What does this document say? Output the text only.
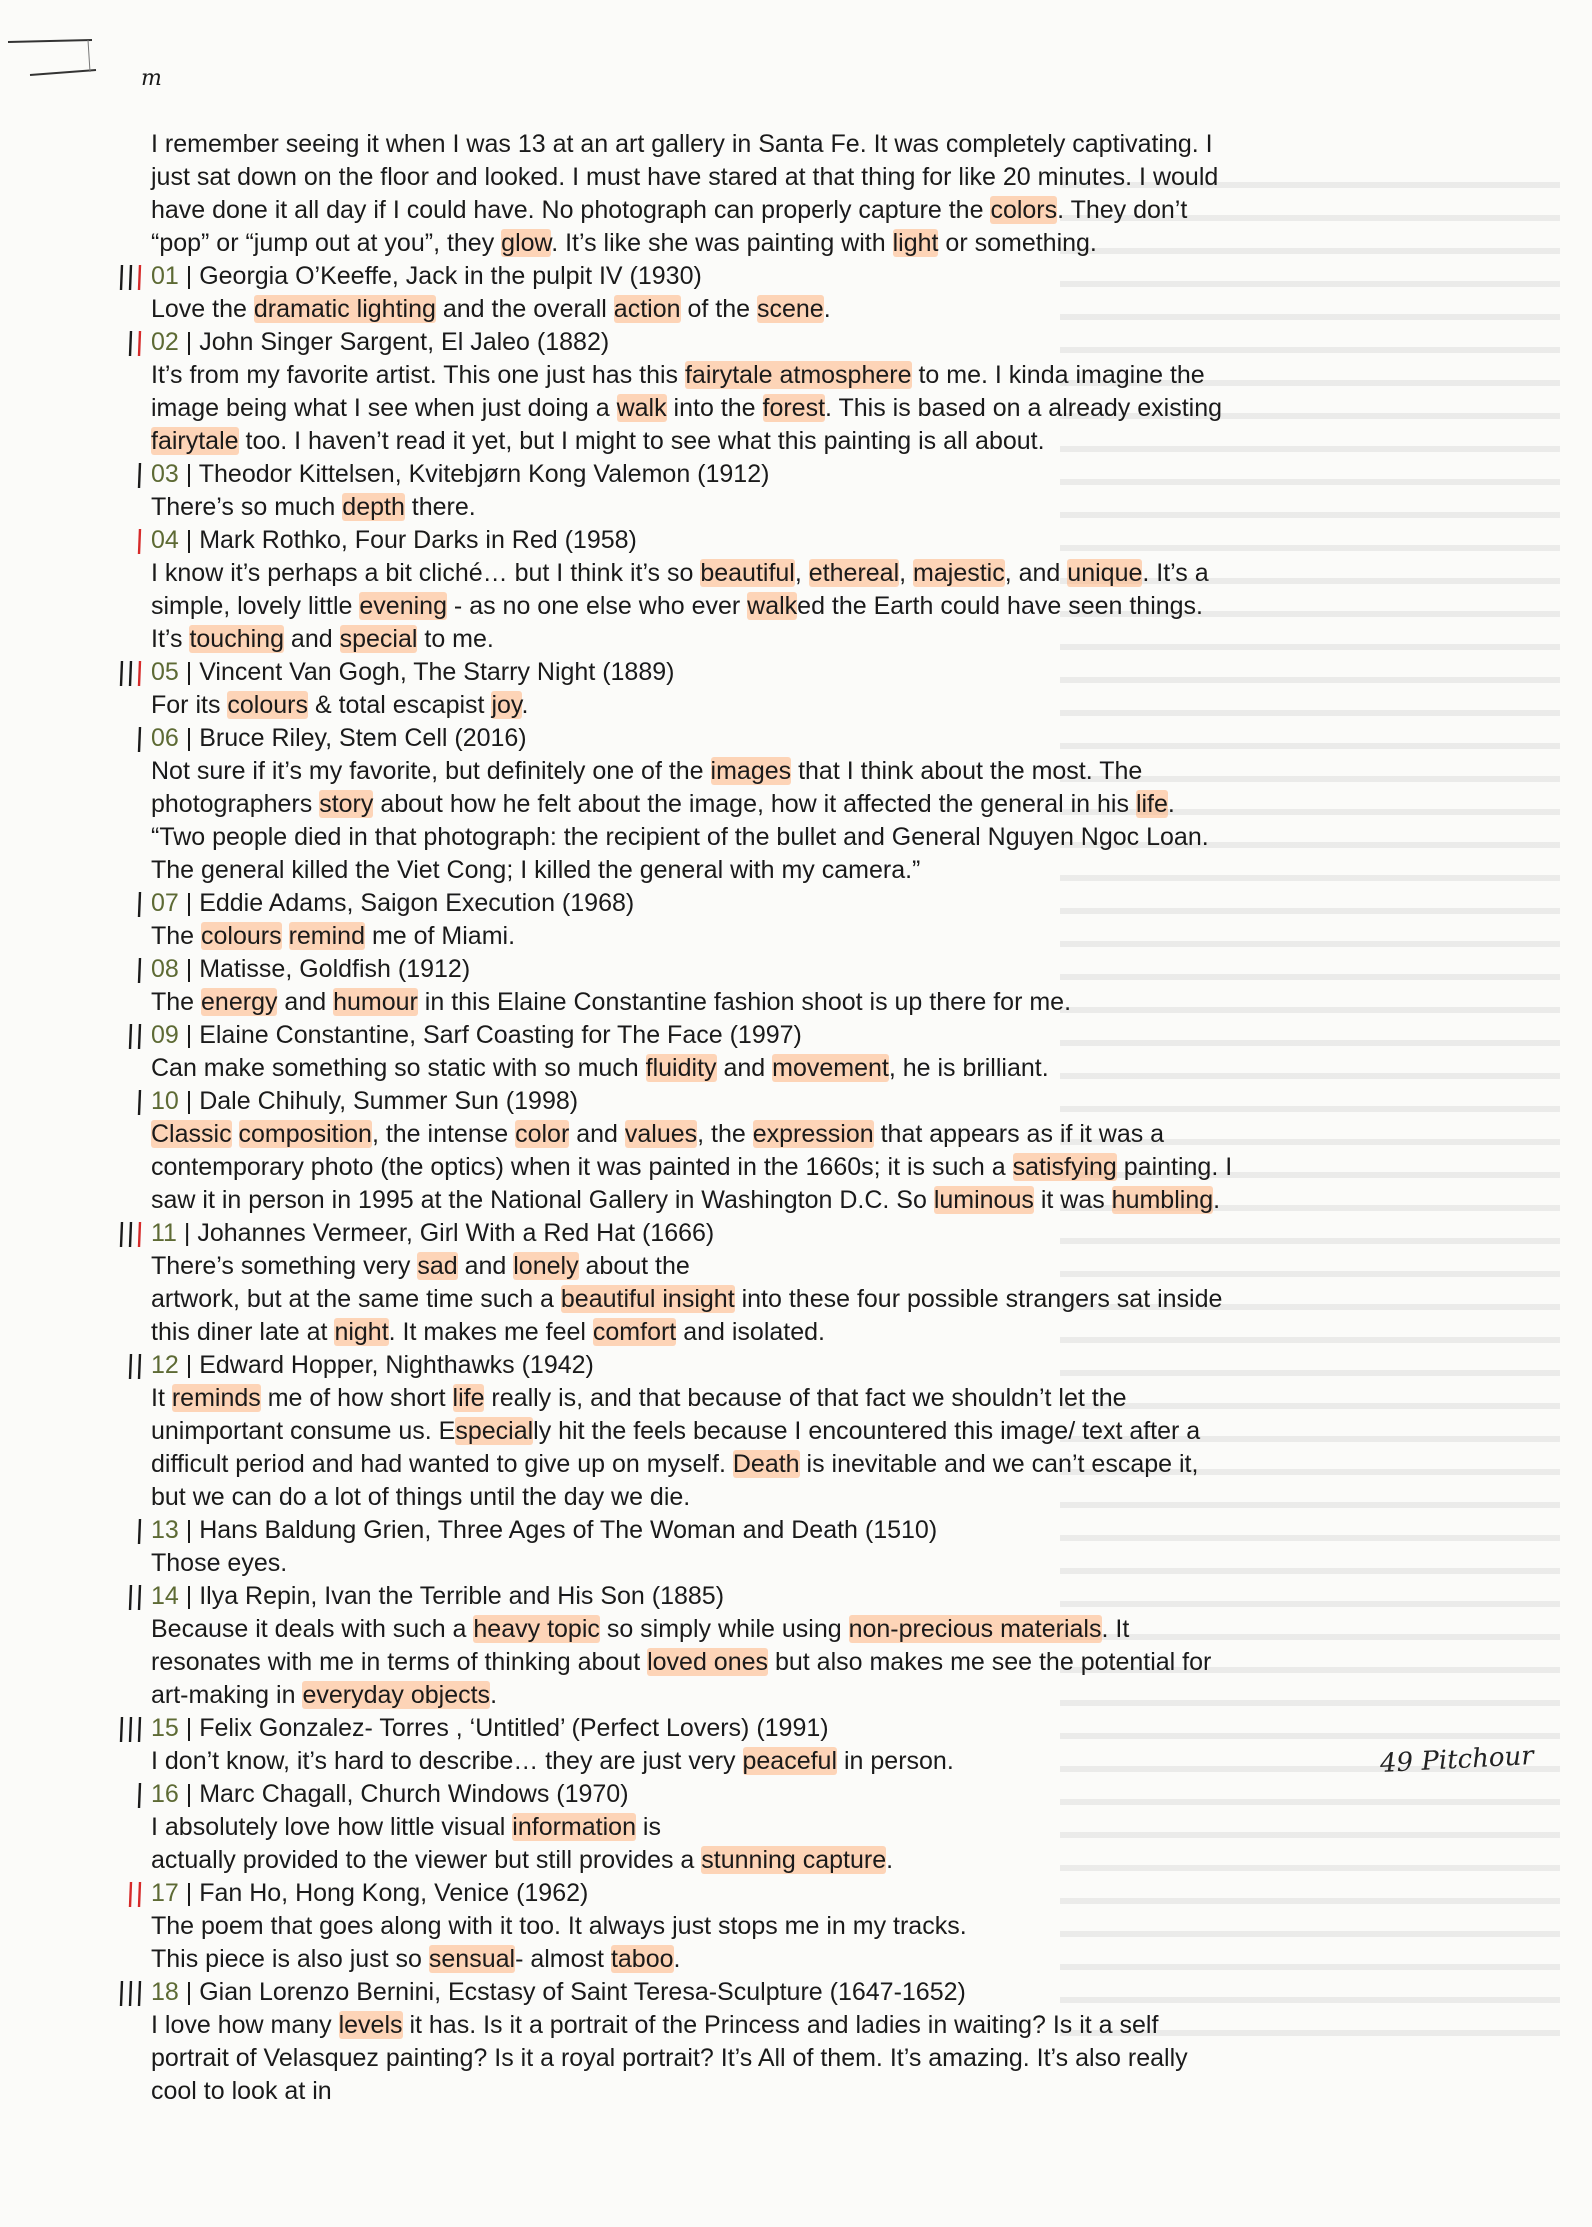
m
I remember seeing it when I was 13 at an art gallery in Santa Fe. It was completely captivating. I
just sat down on the floor and looked. I must have stared at that thing for like 20 minutes. I would
have done it all day if I could have. No photograph can properly capture the colors. They don’t
“pop” or “jump out at you”, they glow. It’s like she was painting with light or something.
01 | Georgia O’Keeffe, Jack in the pulpit IV (1930)
Love the dramatic lighting and the overall action of the scene.
02 | John Singer Sargent, El Jaleo (1882)
It’s from my favorite artist. This one just has this fairytale atmosphere to me. I kinda imagine the
image being what I see when just doing a walk into the forest. This is based on a already existing
fairytale too. I haven’t read it yet, but I might to see what this painting is all about.
03 | Theodor Kittelsen, Kvitebjørn Kong Valemon (1912)
There’s so much depth there.
04 | Mark Rothko, Four Darks in Red (1958)
I know it’s perhaps a bit cliché… but I think it’s so beautiful, ethereal, majestic, and unique. It’s a
simple, lovely little evening - as no one else who ever walked the Earth could have seen things.
It’s touching and special to me.
05 | Vincent Van Gogh, The Starry Night (1889)
For its colours & total escapist joy.
06 | Bruce Riley, Stem Cell (2016)
Not sure if it’s my favorite, but definitely one of the images that I think about the most. The
photographers story about how he felt about the image, how it affected the general in his life.
“Two people died in that photograph: the recipient of the bullet and General Nguyen Ngoc Loan.
The general killed the Viet Cong; I killed the general with my camera.”
07 | Eddie Adams, Saigon Execution (1968)
The colours remind me of Miami.
08 | Matisse, Goldfish (1912)
The energy and humour in this Elaine Constantine fashion shoot is up there for me.
09 | Elaine Constantine, Sarf Coasting for The Face (1997)
Can make something so static with so much fluidity and movement, he is brilliant.
10 | Dale Chihuly, Summer Sun (1998)
Classic composition, the intense color and values, the expression that appears as if it was a
contemporary photo (the optics) when it was painted in the 1660s; it is such a satisfying painting. I
saw it in person in 1995 at the National Gallery in Washington D.C. So luminous it was humbling.
11 | Johannes Vermeer, Girl With a Red Hat (1666)
There’s something very sad and lonely about the
artwork, but at the same time such a beautiful insight into these four possible strangers sat inside
this diner late at night. It makes me feel comfort and isolated.
12 | Edward Hopper, Nighthawks (1942)
It reminds me of how short life really is, and that because of that fact we shouldn’t let the
unimportant consume us. Especially hit the feels because I encountered this image/ text after a
difficult period and had wanted to give up on myself. Death is inevitable and we can’t escape it,
but we can do a lot of things until the day we die.
13 | Hans Baldung Grien, Three Ages of The Woman and Death (1510)
Those eyes.
14 | Ilya Repin, Ivan the Terrible and His Son (1885)
Because it deals with such a heavy topic so simply while using non-precious materials. It
resonates with me in terms of thinking about loved ones but also makes me see the potential for
art-making in everyday objects.
15 | Felix Gonzalez- Torres , ‘Untitled’ (Perfect Lovers) (1991)
I don’t know, it’s hard to describe… they are just very peaceful in person.
16 | Marc Chagall, Church Windows (1970)
I absolutely love how little visual information is
actually provided to the viewer but still provides a stunning capture.
17 | Fan Ho, Hong Kong, Venice (1962)
The poem that goes along with it too. It always just stops me in my tracks.
This piece is also just so sensual- almost taboo.
18 | Gian Lorenzo Bernini, Ecstasy of Saint Teresa-Sculpture (1647-1652)
I love how many levels it has. Is it a portrait of the Princess and ladies in waiting? Is it a self
portrait of Velasquez painting? Is it a royal portrait? It’s All of them. It’s amazing. It’s also really
cool to look at in
49 Pitchour
